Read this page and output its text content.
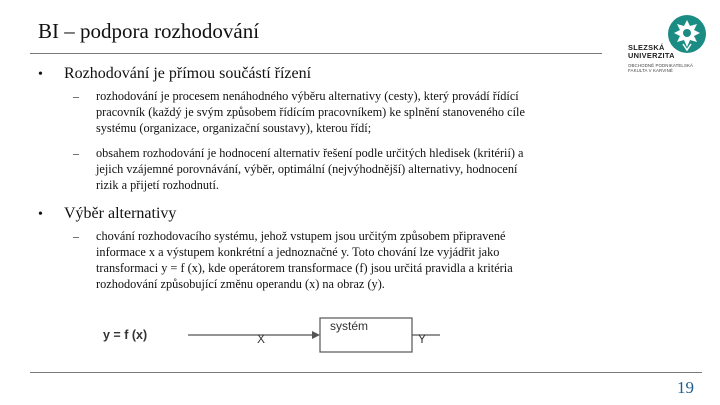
BI – podpora rozhodování
SLEZSKÁ
UNIVERZITA
OBCHODNĚ PODNIKATELSKÁ
FAKULTA V KARVINÉ
• Rozhodování je přímou součástí řízení
– rozhodování je procesem nenáhodného výběru alternativy (cesty), který provádí řídící
pracovník (každý je svým způsobem řídícím pracovníkem) ke splnění stanoveného cíle
systému (organizace, organizační soustavy), kterou řídí;
– obsahem rozhodování je hodnocení alternativ řešení podle určitých hledisek (kritérií) a
jejich vzájemné porovnávání, výběr, optimální (nejvýhodnější) alternativy, hodnocení
rizik a přijetí rozhodnutí.
• Výběr alternativy
– chování rozhodovacího systému, jehož vstupem jsou určitým způsobem připravené
informace x a výstupem konkrétní a jednoznačné y. Toto chování lze vyjádřit jako
transformaci y = f (x), kde operátorem transformace (f) jsou určitá pravidla a kritéria
rozhodování způsobující změnu operandu (x) na obraz (y).
y = f (x)
systém
X	Y
19
